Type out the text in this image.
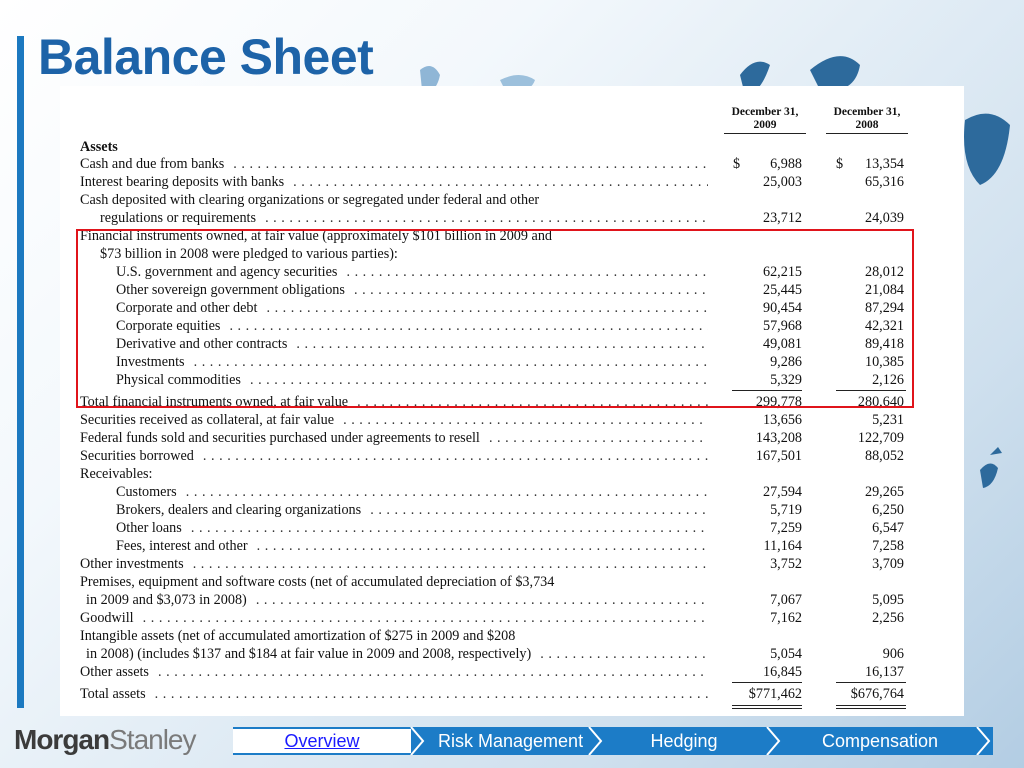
Balance Sheet
December 31,
2009
December 31,
2008
Assets
Cash and due from banks . . .	$ 6,988 $ 13,354
Interest bearing deposits with banks . . .	25,003	65,316
Cash deposited with clearing organizations or segregated under federal and other
regulations or requirements . . .	23,712	24,039
Financial instruments owned, at fair value (approximately $101 billion in 2009 and
$73 billion in 2008 were pledged to various parties):
U.S. government and agency securities . . .	62,215	28,012
Other sovereign government obligations . . .	25,445	21,084
Corporate and other debt . . .	90,454	87,294
Corporate equities . . .	57,968	42,321
Derivative and other contracts . . .	49,081	89,418
Investments . . .	9,286	10,385
Physical commodities . . .	5,329	2,126
Total financial instruments owned, at fair value . . .	299,778	280,640
Securities received as collateral, at fair value . . .	13,656	5,231
Federal funds sold and securities purchased under agreements to resell . . .	143,208	122,709
Securities borrowed . . .	167,501	88,052
Receivables:
Customers . . .	27,594	29,265
Brokers, dealers and clearing organizations . . .	5,719	6,250
Other loans . . .	7,259	6,547
Fees, interest and other . . .	11,164	7,258
Other investments . . .	3,752	3,709
Premises, equipment and software costs (net of accumulated depreciation of $3,734
in 2009 and $3,073 in 2008) . . .	7,067	5,095
Goodwill . . .	7,162	2,256
Intangible assets (net of accumulated amortization of $275 in 2009 and $208
in 2008) (includes $137 and $184 at fair value in 2009 and 2008, respectively) . . .	5,054	906
Other assets . . .	16,845	16,137
Total assets . . .	$771,462	$676,764
MorganStanley	Overview	Risk Management	Hedging	Compensation
